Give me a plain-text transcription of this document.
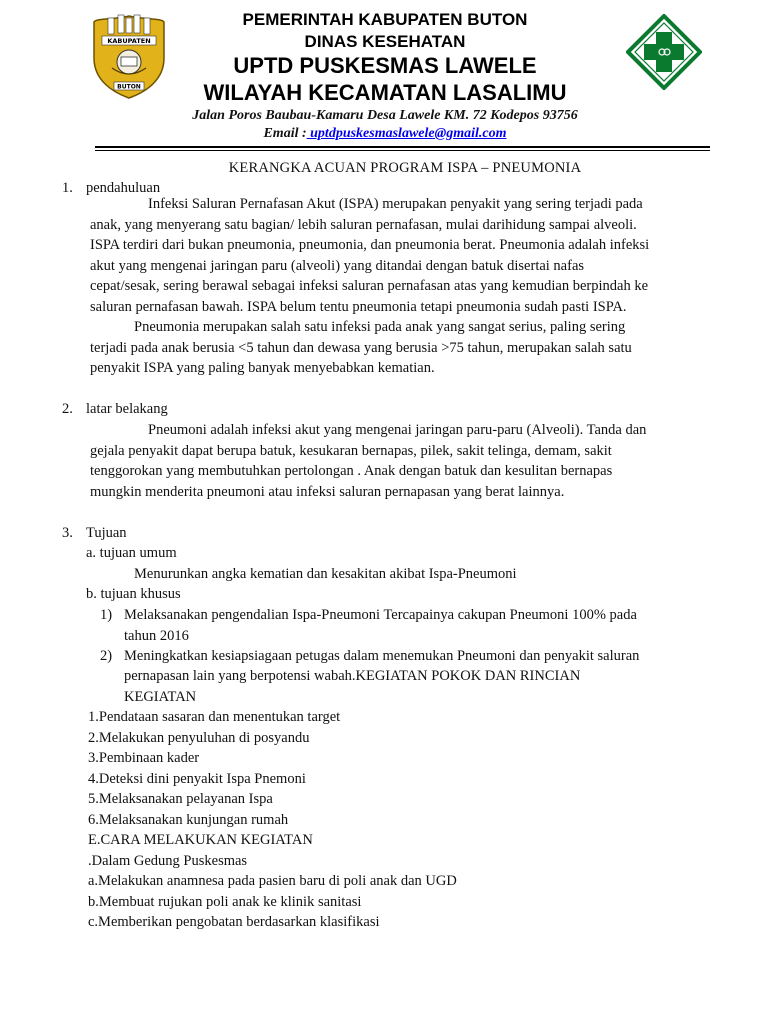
KABUPATEN
BUTON
PEMERINTAH KABUPATEN BUTON
DINAS KESEHATAN
UPTD PUSKESMAS LAWELE
WILAYAH KECAMATAN LASALIMU
Jalan Poros Baubau-Kamaru Desa Lawele KM. 72 Kodepos 93756
Email : uptdpuskesmaslawele@gmail.com
KERANGKA ACUAN PROGRAM ISPA – PNEUMONIA
1. pendahuluan
Infeksi Saluran Pernafasan Akut (ISPA) merupakan penyakit yang sering terjadi pada
anak, yang menyerang satu bagian/ lebih saluran pernafasan, mulai darihidung sampai alveoli.
ISPA terdiri dari bukan pneumonia, pneumonia, dan pneumonia berat. Pneumonia adalah infeksi
akut yang mengenai jaringan paru (alveoli) yang ditandai dengan batuk disertai nafas
cepat/sesak, sering berawal sebagai infeksi saluran pernafasan atas yang kemudian berpindah ke
saluran pernafasan bawah. ISPA belum tentu pneumonia tetapi pneumonia sudah pasti ISPA.
Pneumonia merupakan salah satu infeksi pada anak yang sangat serius, paling sering
terjadi pada anak berusia <5 tahun dan dewasa yang berusia >75 tahun, merupakan salah satu
penyakit ISPA yang paling banyak menyebabkan kematian.
2. latar belakang
Pneumoni adalah infeksi akut yang mengenai jaringan paru-paru (Alveoli). Tanda dan
gejala penyakit dapat berupa batuk, kesukaran bernapas, pilek, sakit telinga, demam, sakit
tenggorokan yang membutuhkan pertolongan . Anak dengan batuk dan kesulitan bernapas
mungkin menderita pneumoni atau infeksi saluran pernapasan yang berat lainnya.
3. Tujuan
a. tujuan umum
Menurunkan angka kematian dan kesakitan akibat Ispa-Pneumoni
b. tujuan khusus
1) Melaksanakan pengendalian Ispa-Pneumoni Tercapainya cakupan Pneumoni 100% pada
tahun 2016
2) Meningkatkan kesiapsiagaan petugas dalam menemukan Pneumoni dan penyakit saluran
pernapasan lain yang berpotensi wabah.KEGIATAN POKOK DAN RINCIAN
KEGIATAN
1.Pendataan sasaran dan menentukan target
2.Melakukan penyuluhan di posyandu
3.Pembinaan kader
4.Deteksi dini penyakit Ispa Pnemoni
5.Melaksanakan pelayanan Ispa
6.Melaksanakan kunjungan rumah
E.CARA MELAKUKAN KEGIATAN
.Dalam Gedung Puskesmas
a.Melakukan anamnesa pada pasien baru di poli anak dan UGD
b.Membuat rujukan poli anak ke klinik sanitasi
c.Memberikan pengobatan berdasarkan klasifikasi
